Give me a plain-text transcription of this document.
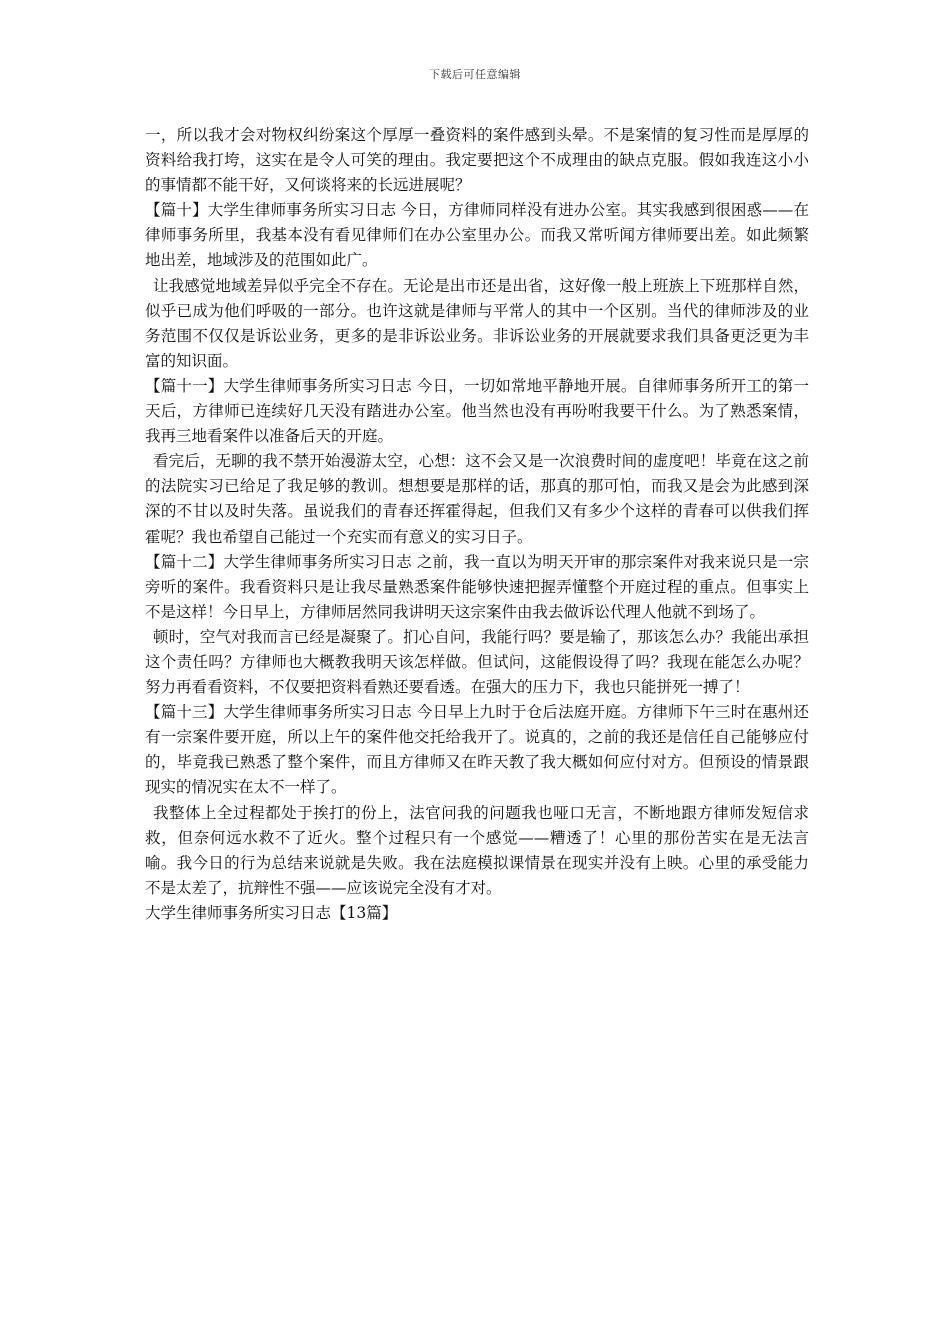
下载后可任意编辑

一，所以我才会对物权纠纷案这个厚厚一叠资料的案件感到头晕。不是案情的复习性而是厚厚的资料给我打垮，这实在是令人可笑的理由。我定要把这个不成理由的缺点克服。假如我连这小小的事情都不能干好，又何谈将来的长远进展呢？

【篇十】大学生律师事务所实习日志 今日，方律师同样没有进办公室。其实我感到很困惑——在律师事务所里，我基本没有看见律师们在办公室里办公。而我又常听闻方律师要出差。如此频繁地出差，地域涉及的范围如此广。

让我感觉地域差异似乎完全不存在。无论是出市还是出省，这好像一般上班族上下班那样自然，似乎已成为他们呼吸的一部分。也许这就是律师与平常人的其中一个区别。当代的律师涉及的业务范围不仅仅是诉讼业务，更多的是非诉讼业务。非诉讼业务的开展就要求我们具备更泛更为丰富的知识面。

【篇十一】大学生律师事务所实习日志 今日，一切如常地平静地开展。自律师事务所开工的第一天后，方律师已连续好几天没有踏进办公室。他当然也没有再吩咐我要干什么。为了熟悉案情，我再三地看案件以准备后天的开庭。

看完后，无聊的我不禁开始漫游太空，心想：这不会又是一次浪费时间的虚度吧！毕竟在这之前的法院实习已给足了我足够的教训。想想要是那样的话，那真的那可怕，而我又是会为此感到深深的不甘以及时失落。虽说我们的青春还挥霍得起，但我们又有多少个这样的青春可以供我们挥霍呢？我也希望自己能过一个充实而有意义的实习日子。

【篇十二】大学生律师事务所实习日志 之前，我一直以为明天开审的那宗案件对我来说只是一宗旁听的案件。我看资料只是让我尽量熟悉案件能够快速把握弄懂整个开庭过程的重点。但事实上不是这样！今日早上，方律师居然同我讲明天这宗案件由我去做诉讼代理人他就不到场了。

顿时，空气对我而言已经是凝聚了。扪心自问，我能行吗？要是输了，那该怎么办？我能出承担这个责任吗？方律师也大概教我明天该怎样做。但试问，这能假设得了吗？我现在能怎么办呢？努力再看看资料，不仅要把资料看熟还要看透。在强大的压力下，我也只能拼死一搏了！

【篇十三】大学生律师事务所实习日志 今日早上九时于仓后法庭开庭。方律师下午三时在惠州还有一宗案件要开庭，所以上午的案件他交托给我开了。说真的，之前的我还是信任自己能够应付的，毕竟我已熟悉了整个案件，而且方律师又在昨天教了我大概如何应付对方。但预设的情景跟现实的情况实在太不一样了。

我整体上全过程都处于挨打的份上，法官问我的问题我也哑口无言，不断地跟方律师发短信求救，但奈何远水救不了近火。整个过程只有一个感觉——糟透了！心里的那份苦实在是无法言喻。我今日的行为总结来说就是失败。我在法庭模拟课情景在现实并没有上映。心里的承受能力不是太差了，抗辩性不强——应该说完全没有才对。

大学生律师事务所实习日志【13篇】
